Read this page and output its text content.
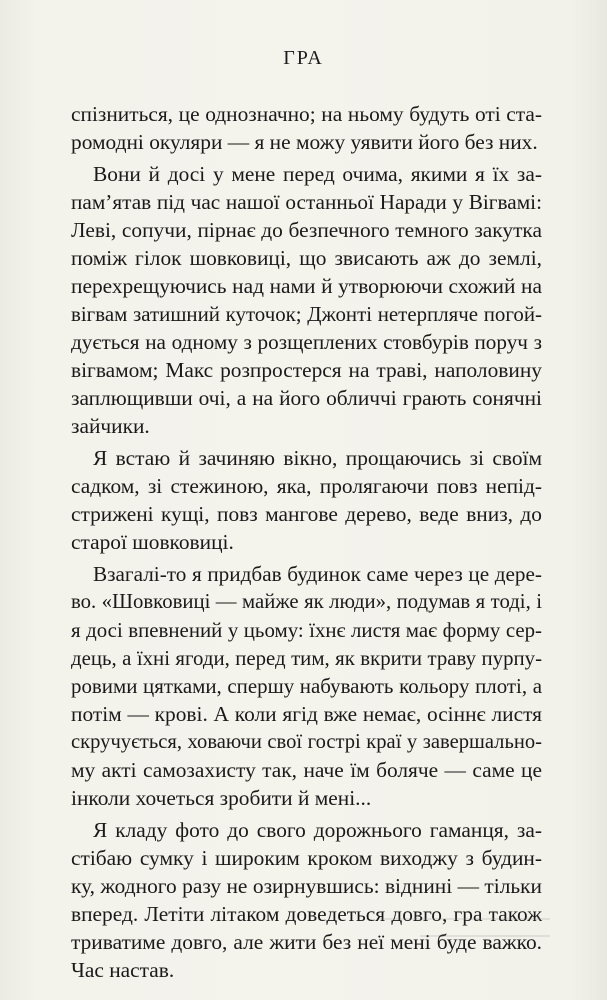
ГРА
спізниться, це однозначно; на ньому будуть оті ста-
ромодні окуляри — я не можу уявити його без них.
Вони й досі у мене перед очима, якими я їх за-
пам’ятав під час нашої останньої Наради у Вігвамі:
Леві, сопучи, пірнає до безпечного темного закутка
поміж гілок шовковиці, що звисають аж до землі,
перехрещуючись над нами й утворюючи схожий на
вігвам затишний куточок; Джонті нетерпляче погой-
дується на одному з розщеплених стовбурів поруч з
вігвамом; Макс розпростерся на траві, наполовину
заплющивши очі, а на його обличчі грають сонячні
зайчики.
Я встаю й зачиняю вікно, прощаючись зі своїм
садком, зі стежиною, яка, пролягаючи повз непід-
стрижені кущі, повз мангове дерево, веде вниз, до
старої шовковиці.
Взагалі-то я придбав будинок саме через це дере-
во. «Шовковиці — майже як люди», подумав я тоді, і
я досі впевнений у цьому: їхнє листя має форму сер-
дець, а їхні ягоди, перед тим, як вкрити траву пурпу-
ровими цятками, спершу набувають кольору плоті, а
потім — крові. А коли ягід вже немає, осіннє листя
скручується, ховаючи свої гострі краї у завершально-
му акті самозахисту так, наче їм боляче — саме це
інколи хочеться зробити й мені...
Я кладу фото до свого дорожнього гаманця, за-
стібаю сумку і широким кроком виходжу з будин-
ку, жодного разу не озирнувшись: віднині — тільки
вперед. Летіти літаком доведеться довго, гра також
триватиме довго, але жити без неї мені буде важко.
Час настав.
